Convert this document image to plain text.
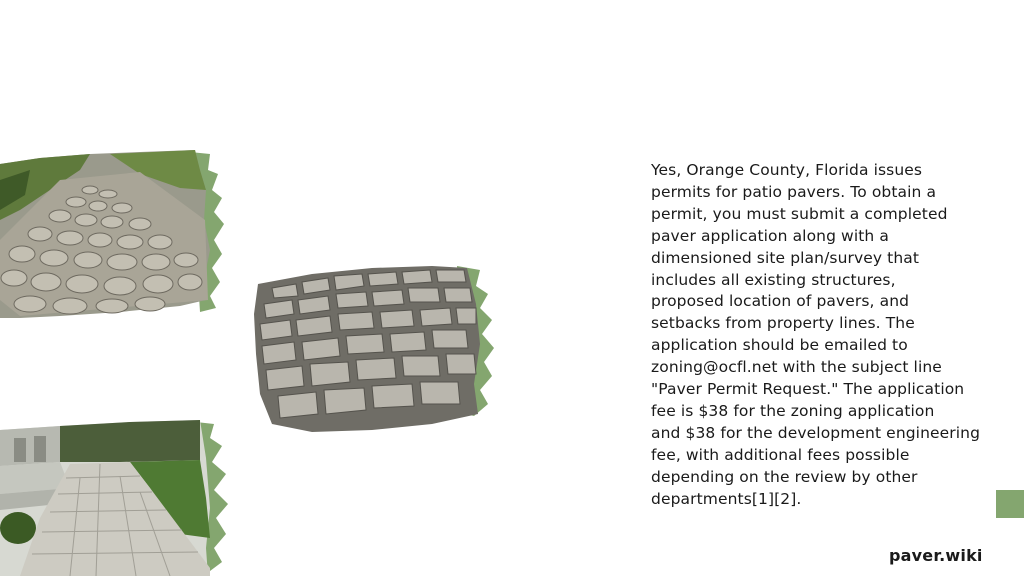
Yes, Orange County, Florida issues
permits for patio pavers. To obtain a
permit, you must submit a completed
paver application along with a
dimensioned site plan/survey that
includes all existing structures,
proposed location of pavers, and
setbacks from property lines. The
application should be emailed to
zoning@ocfl.net with the subject line
"Paver Permit Request." The application
fee is $38 for the zoning application
and $38 for the development engineering
fee, with additional fees possible
depending on the review by other
departments[1][2].
paver.wiki
